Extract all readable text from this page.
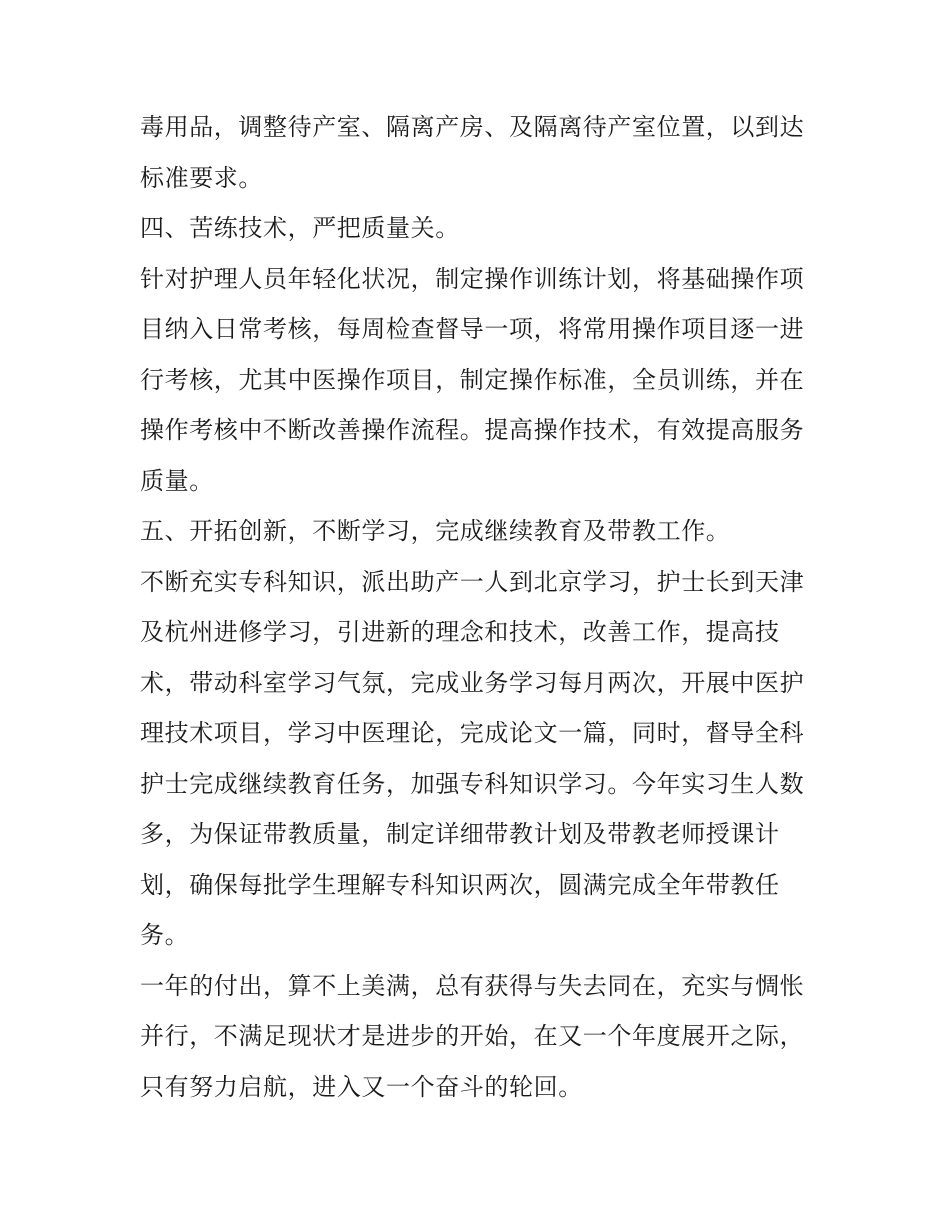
毒用品，调整待产室、隔离产房、及隔离待产室位置，以到达
标准要求。
四、苦练技术，严把质量关。
针对护理人员年轻化状况，制定操作训练计划，将基础操作项
目纳入日常考核，每周检查督导一项，将常用操作项目逐一进
行考核，尤其中医操作项目，制定操作标准，全员训练，并在
操作考核中不断改善操作流程。提高操作技术，有效提高服务
质量。
五、开拓创新，不断学习，完成继续教育及带教工作。
不断充实专科知识，派出助产一人到北京学习，护士长到天津
及杭州进修学习，引进新的理念和技术，改善工作，提高技
术，带动科室学习气氛，完成业务学习每月两次，开展中医护
理技术项目，学习中医理论，完成论文一篇，同时，督导全科
护士完成继续教育任务，加强专科知识学习。今年实习生人数
多，为保证带教质量，制定详细带教计划及带教老师授课计
划，确保每批学生理解专科知识两次，圆满完成全年带教任
务。
一年的付出，算不上美满，总有获得与失去同在，充实与惆怅
并行，不满足现状才是进步的开始，在又一个年度展开之际，
只有努力启航，进入又一个奋斗的轮回。
